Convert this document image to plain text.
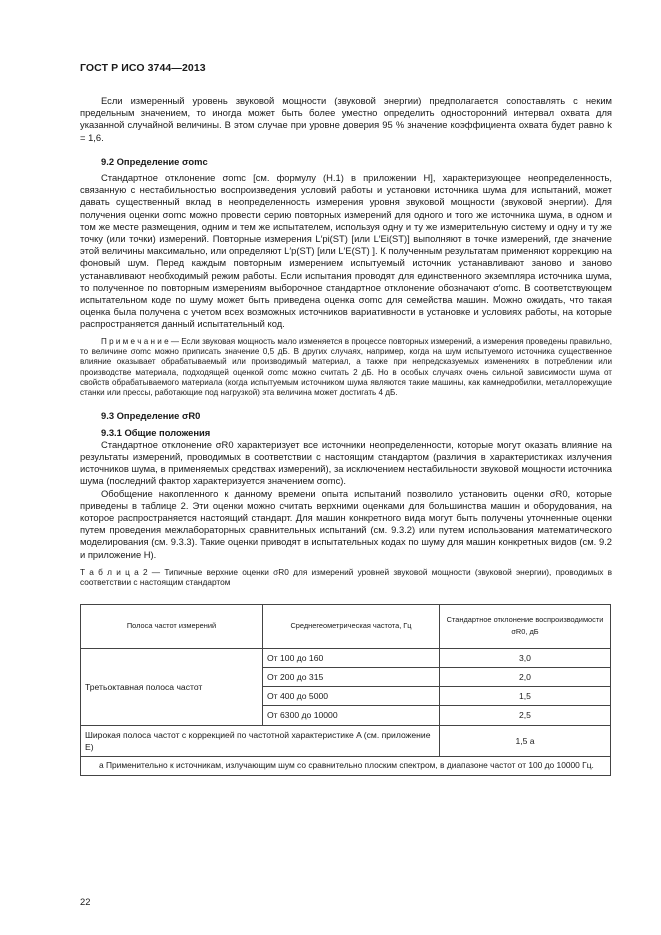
ГОСТ Р ИСО 3744—2013

Если измеренный уровень звуковой мощности (звуковой энергии) предполагается сопоставлять с неким предельным значением, то иногда может быть более уместно определить односторонний интервал охвата для указанной случайной величины. В этом случае при уровне доверия 95 % значение коэффициента охвата будет равно k = 1,6.

9.2 Определение σomc

Стандартное отклонение σomc [см. формулу (Н.1) в приложении Н], характеризующее неопределенность, связанную с нестабильностью воспроизведения условий работы и установки источника шума для испытаний, может давать существенный вклад в неопределенность измерения уровня звуковой мощности (звуковой энергии). Для получения оценки σomc можно провести серию повторных измерений для одного и того же источника шума, в одном и том же месте размещения, одним и тем же испытателем, используя одну и ту же измерительную систему и одну и ту же точку (или точки) измерений. Повторные измерения L′pi(ST) [или L′Ei(ST)] выполняют в точке измерений, где значение этой величины максимально, или определяют L′p(ST) [или L′E(ST) ]. К полученным результатам применяют коррекцию на фоновый шум. Перед каждым повторным измерением испытуемый источник устанавливают заново и заново устанавливают необходимый режим работы. Если испытания проводят для единственного экземпляра источника шума, то полученное по повторным измерениям выборочное стандартное отклонение обозначают σ′omc. В соответствующем испытательном коде по шуму может быть приведена оценка σomc для семейства машин. Можно ожидать, что такая оценка была получена с учетом всех возможных источников вариативности в установке и условиях работы, на которые распространяется данный испытательный код.

П р и м е ч а н и е — Если звуковая мощность мало изменяется в процессе повторных измерений, а измерения проведены правильно, то величине σomc можно приписать значение 0,5 дБ. В других случаях, например, когда на шум испытуемого источника существенное влияние оказывает обрабатываемый или производимый материал, а также при непредсказуемых изменениях в потреблении или производстве материала, подходящей оценкой σomc можно считать 2 дБ. Но в особых случаях очень сильной зависимости шума от свойств обрабатываемого материала (когда испытуемым источником шума являются такие машины, как камнедробилки, металлорежущие станки или прессы, работающие под нагрузкой) эта величина может достигать 4 дБ.

9.3 Определение σR0
9.3.1 Общие положения

Стандартное отклонение σR0 характеризует все источники неопределенности, которые могут оказать влияние на результаты измерений, проводимых в соответствии с настоящим стандартом (различия в характеристиках излучения источников шума, в применяемых средствах измерений), за исключением нестабильности звуковой мощности источника шума (последний фактор характеризуется значением σomc).

Обобщение накопленного к данному времени опыта испытаний позволило установить оценки σR0, которые приведены в таблице 2. Эти оценки можно считать верхними оценками для большинства машин и оборудования, на которое распространяется настоящий стандарт. Для машин конкретного вида могут быть получены уточненные оценки путем проведения межлабораторных сравнительных испытаний (см. 9.3.2) или путем использования математического моделирования (см. 9.3.3). Такие оценки приводят в испытательных кодах по шуму для машин конкретных видов (см. 9.2 и приложение Н).

Т а б л и ц а 2 — Типичные верхние оценки σR0 для измерений уровней звуковой мощности (звуковой энергии), проводимых в соответствии с настоящим стандартом

Полоса частот измерений	Среднегеометрическая частота, Гц	Стандартное отклонение воспроизводимости σR0, дБ
Третьоктавная полоса частот	От 100 до 160	3,0
	От 200 до 315	2,0
	От 400 до 5000	1,5
	От 6300 до 10000	2,5
Широкая полоса частот с коррекцией по частотной характеристике A (см. приложение Е)		1,5 a
a Применительно к источникам, излучающим шум со сравнительно плоским спектром, в диапазоне частот от 100 до 10000 Гц.		
22
